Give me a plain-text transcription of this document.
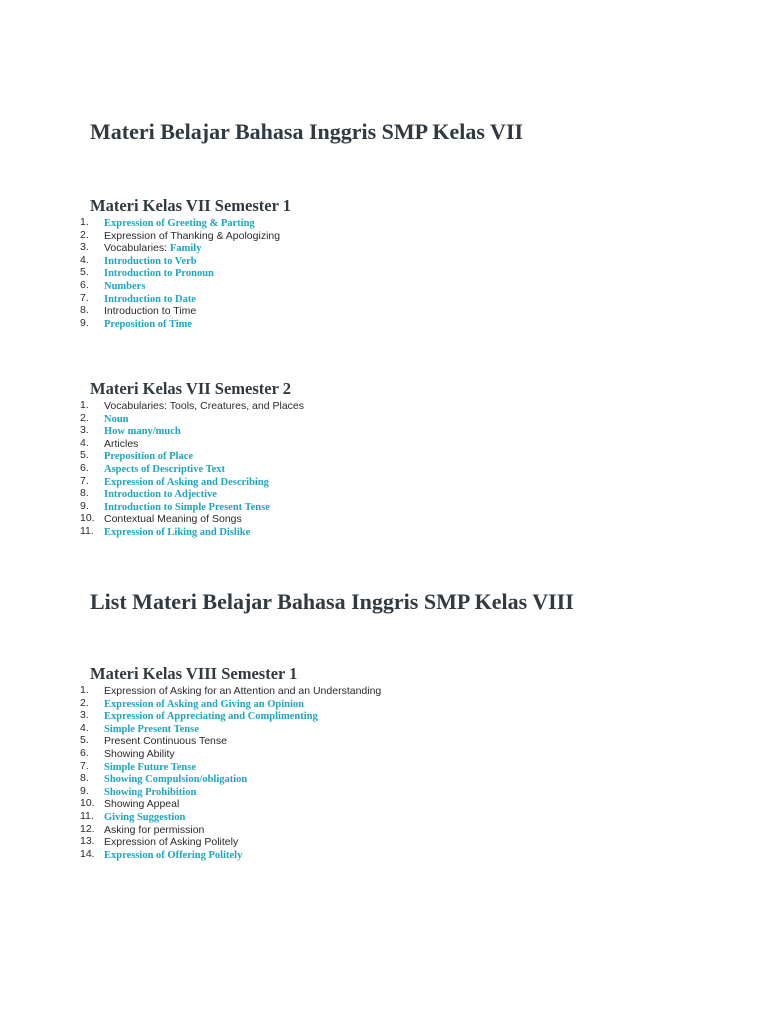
Materi Belajar Bahasa Inggris SMP Kelas VII
Materi Kelas VII Semester 1
1. Expression of Greeting & Parting
2. Expression of Thanking & Apologizing
3. Vocabularies: Family
4. Introduction to Verb
5. Introduction to Pronoun
6. Numbers
7. Introduction to Date
8. Introduction to Time
9. Preposition of Time
Materi Kelas VII Semester 2
1. Vocabularies: Tools, Creatures, and Places
2. Noun
3. How many/much
4. Articles
5. Preposition of Place
6. Aspects of Descriptive Text
7. Expression of Asking and Describing
8. Introduction to Adjective
9. Introduction to Simple Present Tense
10. Contextual Meaning of Songs
11. Expression of Liking and Dislike
List Materi Belajar Bahasa Inggris SMP Kelas VIII
Materi Kelas VIII Semester 1
1. Expression of Asking for an Attention and an Understanding
2. Expression of Asking and Giving an Opinion
3. Expression of Appreciating and Complimenting
4. Simple Present Tense
5. Present Continuous Tense
6. Showing Ability
7. Simple Future Tense
8. Showing Compulsion/obligation
9. Showing Prohibition
10. Showing Appeal
11. Giving Suggestion
12. Asking for permission
13. Expression of Asking Politely
14. Expression of Offering Politely
